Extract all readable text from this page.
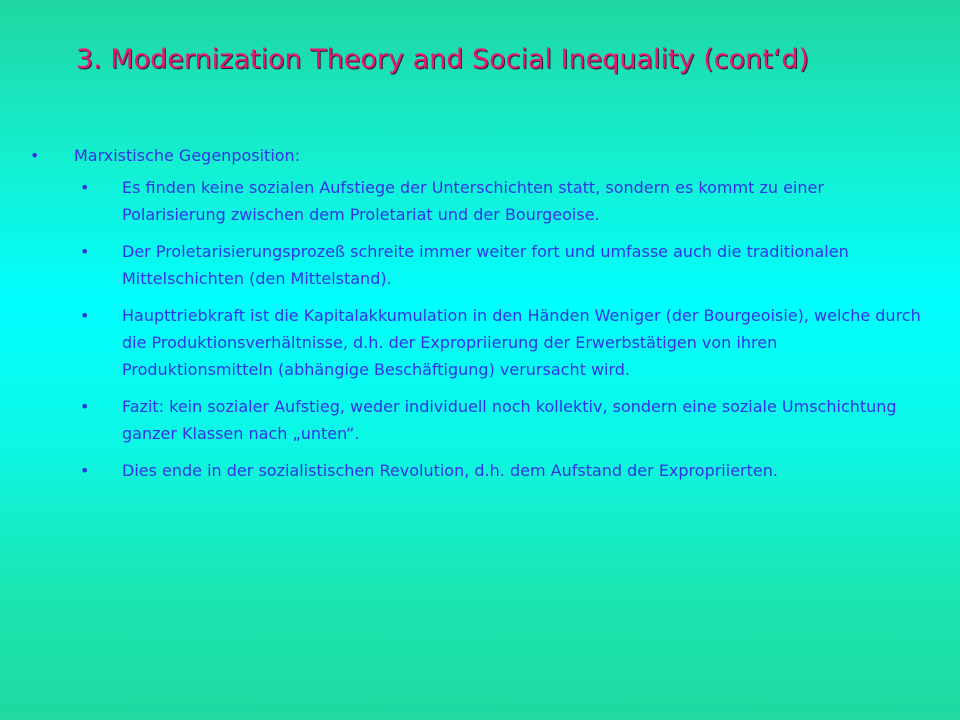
3. Modernization Theory and Social Inequality (cont‘d)
• Marxistische Gegenposition:
• Es finden keine sozialen Aufstiege der Unterschichten statt, sondern es kommt zu einer Polarisierung zwischen dem Proletariat und der Bourgeoise.
• Der Proletarisierungsprozeß schreite immer weiter fort und umfasse auch die traditionalen Mittelschichten (den Mittelstand).
• Haupttriebkraft ist die Kapitalakkumulation in den Händen Weniger (der Bourgeoisie), welche durch die Produktionsverhältnisse, d.h. der Expropriierung der Erwerbstätigen von ihren Produktionsmitteln (abhängige Beschäftigung) verursacht wird.
• Fazit: kein sozialer Aufstieg, weder individuell noch kollektiv, sondern eine soziale Umschichtung ganzer Klassen nach „unten“.
• Dies ende in der sozialistischen Revolution, d.h. dem Aufstand der Expropriierten.
